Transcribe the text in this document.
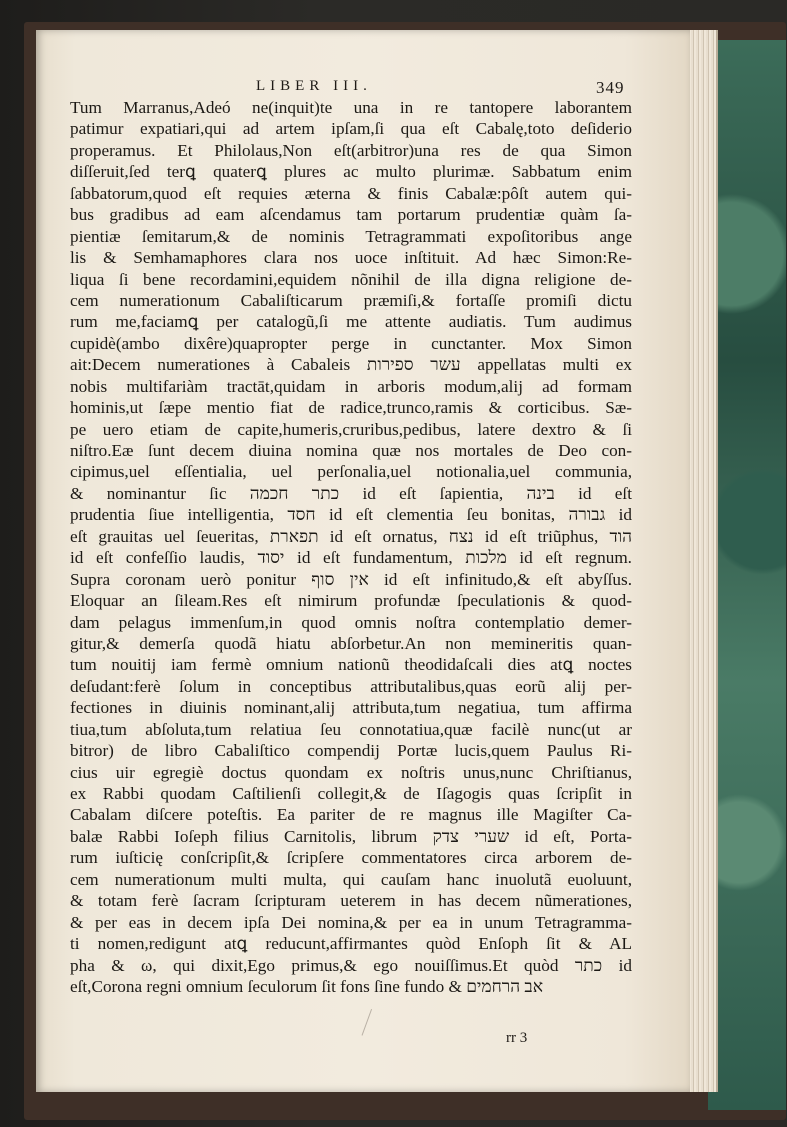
LIBER III.	349
Tum Marranus,Adeó ne(inquit)te una in re tantopere laborantem
patimur expatiari,qui ad artem ipſam,ſi qua eſt Cabalę,toto deſiderio
properamus. Et Philolaus,Non eſt(arbitror)una res de qua Simon
diſſeruit,ſed terꝗ quaterꝗ plures ac multo plurimæ. Sabbatum enim
ſabbatorum,quod eſt requies æterna & finis Cabalæ:pôſt autem qui-
bus gradibus ad eam aſcendamus tam portarum prudentiæ quàm ſa-
pientiæ ſemitarum,& de nominis Tetragrammati expoſitoribus ange
lis & Semhamaphores clara nos uoce inſtituit. Ad hæc Simon:Re-
liqua ſi bene recordamini,equidem nõnihil de illa digna religione de-
cem numerationum Cabaliſticarum præmiſi,& fortaſſe promiſi dictu
rum me,faciamꝗ per catalogũ,ſi me attente audiatis. Tum audimus
cupidè(ambo dixêre)quapropter perge in cunctanter. Mox Simon
ait:Decem numerationes à Cabaleis עשר ספירות appellatas multi ex
nobis multifariàm tractāt,quidam in arboris modum,alij ad formam
hominis,ut ſæpe mentio fiat de radice,trunco,ramis & corticibus. Sæ-
pe uero etiam de capite,humeris,cruribus,pedibus, latere dextro & ſi
niſtro.Eæ ſunt decem diuina nomina quæ nos mortales de Deo con-
cipimus,uel eſſentialia, uel perſonalia,uel notionalia,uel communia,
& nominantur ſic כתר חכמה id eſt ſapientia, בינה id eſt
prudentia ſiue intelligentia, חסד id eſt clementia ſeu bonitas, גבורה id
eſt grauitas uel ſeueritas, תפארת id eſt ornatus, נצח id eſt triũphus, הוד
id eſt confeſſio laudis, יסוד id eſt fundamentum, מלכות id eſt regnum.
Supra coronam uerò ponitur אין סוף id eſt infinitudo,& eſt abyſſus.
Eloquar an ſileam.Res eſt nimirum profundæ ſpeculationis & quod-
dam pelagus immenſum,in quod omnis noſtra contemplatio demer-
gitur,& demerſa quodã hiatu abſorbetur.An non memineritis quan-
tum nouitij iam fermè omnium nationũ theodidaſcali dies atꝗ noctes
deſudant:ferè ſolum in conceptibus attributalibus,quas eorũ alij per-
fectiones in diuinis nominant,alij attributa,tum negatiua, tum affirma
tiua,tum abſoluta,tum relatiua ſeu connotatiua,quæ facilè nunc(ut ar
bitror) de libro Cabaliſtico compendij Portæ lucis,quem Paulus Ri-
cius uir egregiè doctus quondam ex noſtris unus,nunc Chriſtianus,
ex Rabbi quodam Caſtilienſi collegit,& de Iſagogis quas ſcripſit in
Cabalam diſcere poteſtis. Ea pariter de re magnus ille Magiſter Ca-
balæ Rabbi Ioſeph filius Carnitolis, librum שערי צדק id eſt, Porta-
rum iuſticię conſcripſit,& ſcripſere commentatores circa arborem de-
cem numerationum multi multa, qui cauſam hanc inuolutã euoluunt,
& totam ferè ſacram ſcripturam ueterem in has decem nũmerationes,
& per eas in decem ipſa Dei nomina,& per ea in unum Tetragramma-
ti nomen,redigunt atꝗ reducunt,affirmantes quòd Enſoph ſit & AL
pha & ω, qui dixit,Ego primus,& ego nouiſſimus.Et quòd כתר id
eſt,Corona regni omnium ſeculorum ſit fons ſine fundo & אב הרחמים
rr 3
